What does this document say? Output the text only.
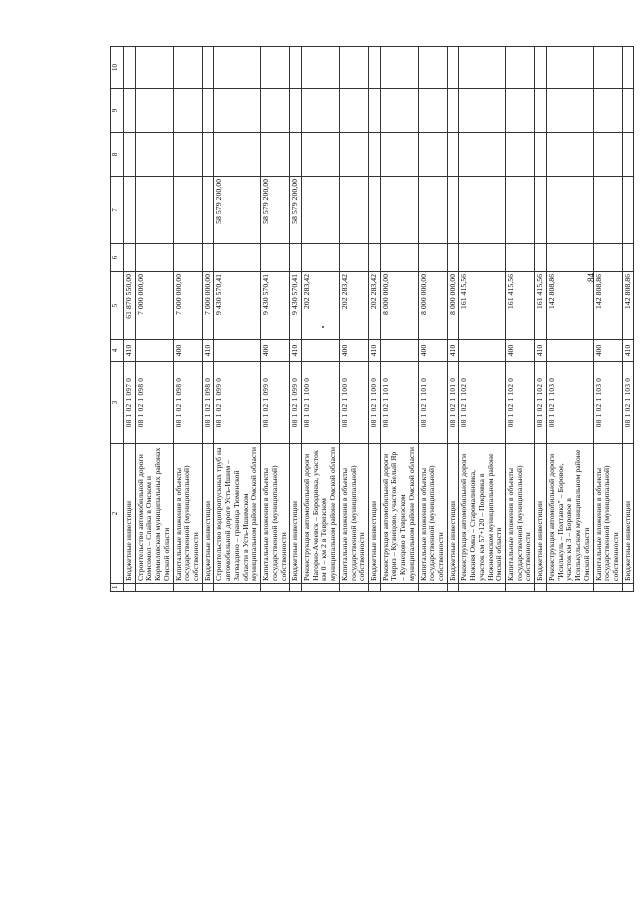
84
1	2	3	4	5	6	7	8	9	10
	Бюджетные инвестиции	08 1 02 1 097 0	410	61 870 550,00					
	Строительство автомобильной дороги Комсомол – Спайка в Омском и Кормиловском муниципальных районах Омской области	08 1 02 1 098 0		7 000 000,00					
	Капитальные вложения в объекты государственной (муниципальной) собственности	08 1 02 1 098 0	400	7 000 000,00					
	Бюджетные инвестиции	08 1 02 1 098 0	410	7 000 000,00					
	Строительство водопропускных труб на автомобильной дороге Усть-Ишим – Загваздино – граница Тюменской области в Усть-Ишимском муниципальном районе Омской области	08 1 02 1 099 0		9 430 570,41		58 579 200,00			
	Капитальные вложения в объекты государственной (муниципальной) собственности	08 1 02 1 099 0	400	9 430 570,41		58 579 200,00			
	Бюджетные инвестиции	08 1 02 1 099 0	410	9 430 570,41		58 579 200,00			
	Реконструкция автомобильной дороги Нагорно-Ачеевск – Бородинка, участок км 0 – км 2 в Тевризском муниципальном районе Омской области	08 1 02 1 100 0		202 283,42					
	Капитальные вложения в объекты государственной (муниципальной) собственности	08 1 02 1 100 0	400	202 283,42					
	Бюджетные инвестиции	08 1 02 1 100 0	410	202 283,42					
	Реконструкция автомобильной дороги Тевриз – Кузнецово, участок Белый Яр – Кузнецово в Тевризском муниципальном районе Омской области	08 1 02 1 101 0		8 000 000,00					
	Капитальные вложения в объекты государственной (муниципальной) собственности	08 1 02 1 101 0	400	8 000 000,00					
	Бюджетные инвестиции	08 1 02 1 101 0	410	8 000 000,00					
	Реконструкция автомобильной дороги Нижняя Омка – Старомалиновка, участок км 57+120 – Покровка в Нижнеомском муниципальном районе Омской области	08 1 02 1 102 0		161 415,56					
	Капитальные вложения в объекты государственной (муниципальной) собственности	08 1 02 1 102 0	400	161 415,56					
	Бюджетные инвестиции	08 1 02 1 102 0	410	161 415,56					
	Реконструкция автомобильной дороги "Исилькуль – Полтавка" – Боровое, участок км 3 – Боровое в Исилькульском муниципальном районе Омской области	08 1 02 1 103 0		142 808,86					
	Капитальные вложения в объекты государственной (муниципальной) собственности	08 1 02 1 103 0	400	142 808,86					
	Бюджетные инвестиции	08 1 02 1 103 0	410	142 808,86					
